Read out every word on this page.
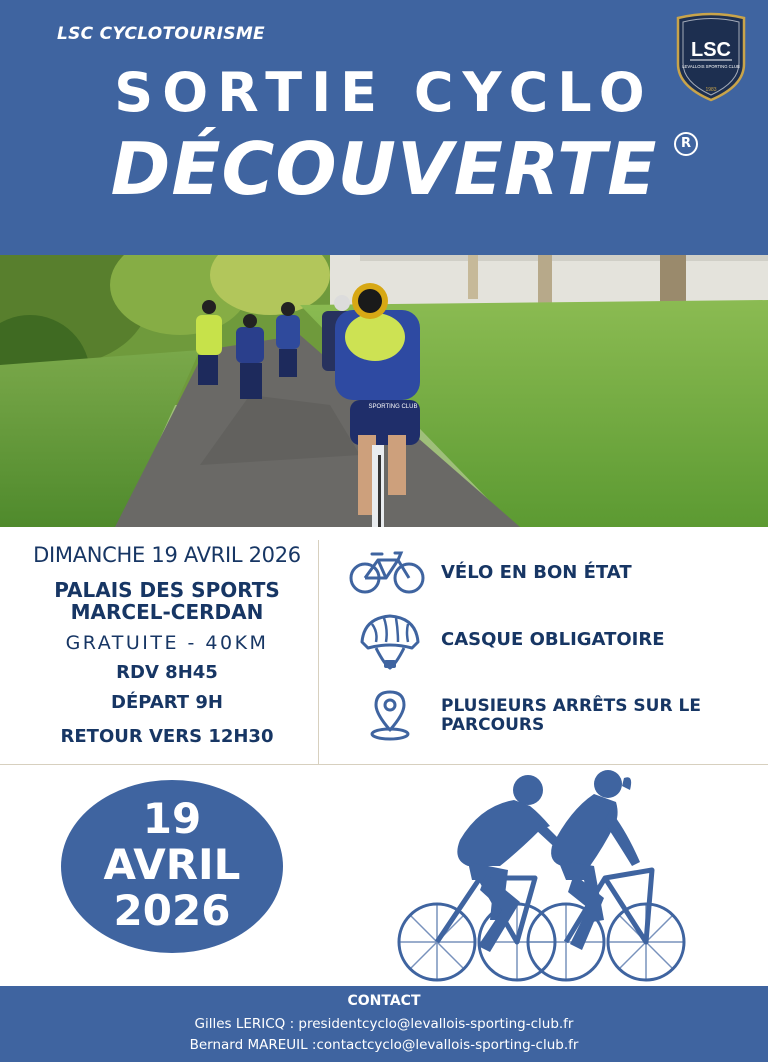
LSC CYCLOTOURISME
SORTIE CYCLO
DÉCOUVERTE	R
LSC
LEVALLOIS SPORTING CLUB
1983
SPORTING CLUB
DIMANCHE 19 AVRIL 2026
PALAIS DES SPORTS
MARCEL-CERDAN
GRATUITE - 40KM
RDV 8H45
DÉPART 9H
RETOUR VERS 12H30
VÉLO EN BON ÉTAT
CASQUE OBLIGATOIRE
PLUSIEURS ARRÊTS SUR LE PARCOURS
19
AVRIL
2026
CONTACT
Gilles LERICQ : presidentcyclo@levallois-sporting-club.fr
Bernard MAREUIL :contactcyclo@levallois-sporting-club.fr
